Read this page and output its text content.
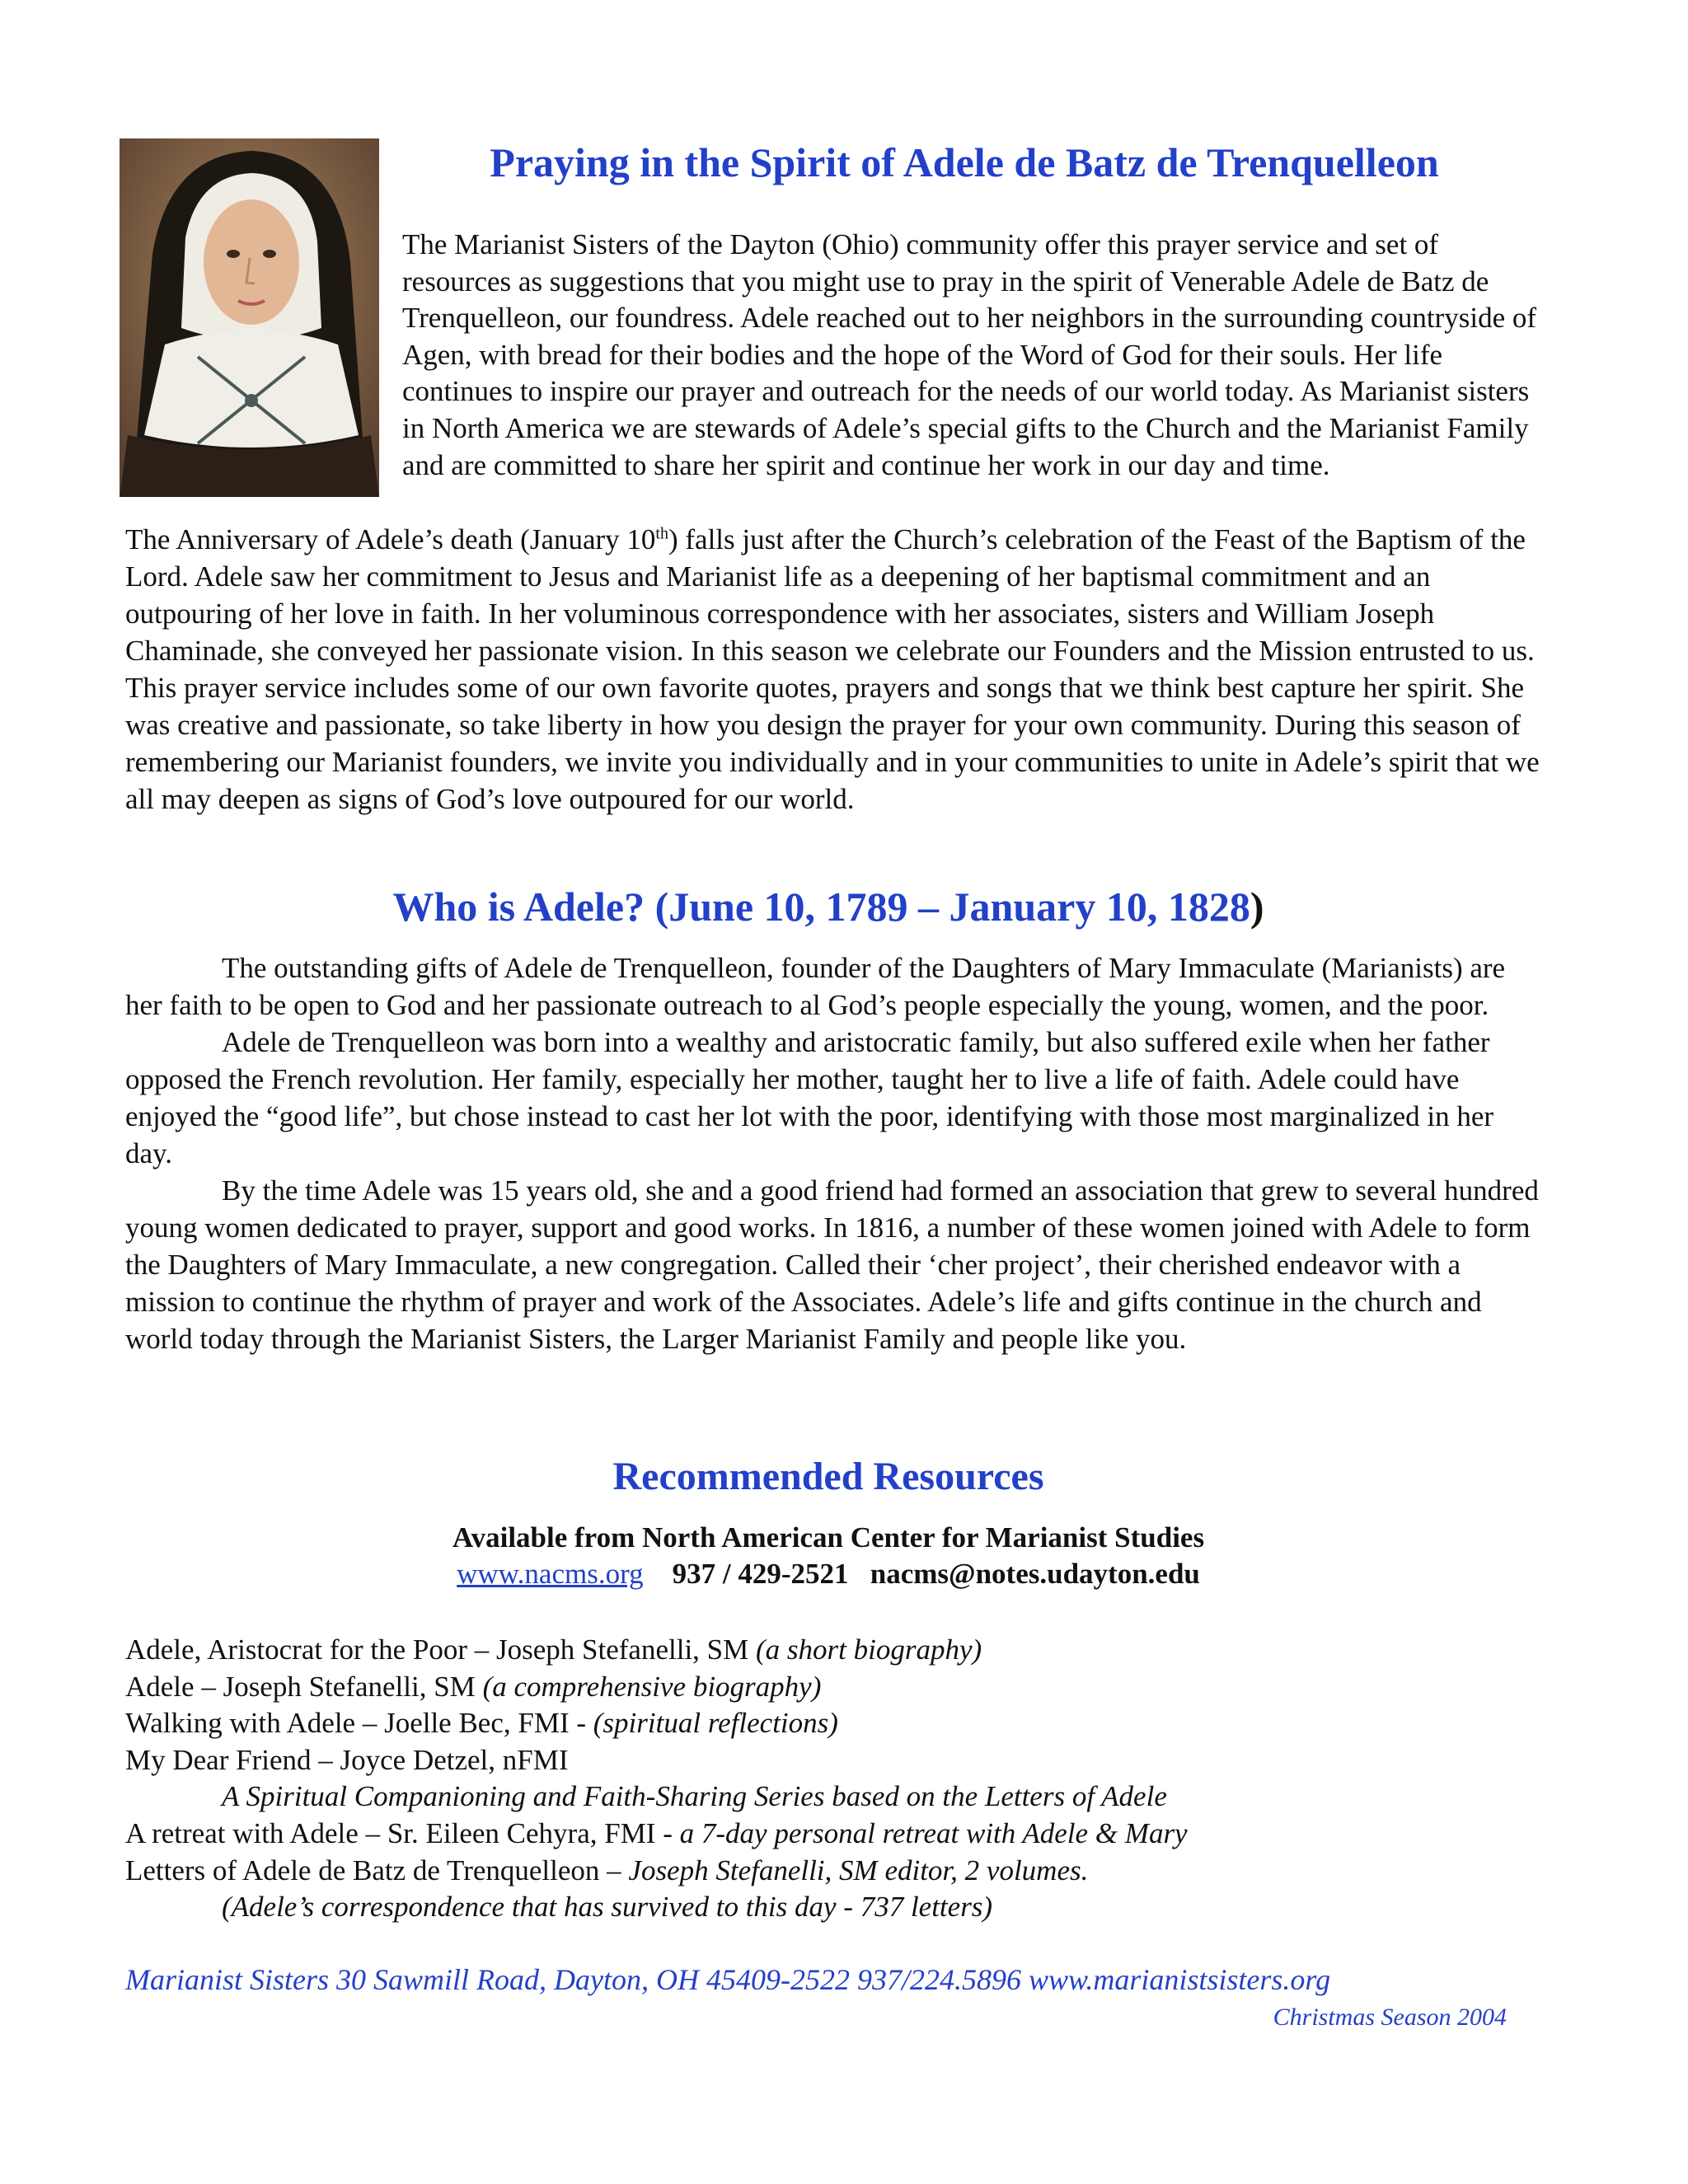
Praying in the Spirit of Adele de Batz de Trenquelleon

The Marianist Sisters of the Dayton (Ohio) community offer this prayer service and set of resources as suggestions that you might use to pray in the spirit of Venerable Adele de Batz de Trenquelleon, our foundress. Adele reached out to her neighbors in the surrounding countryside of Agen, with bread for their bodies and the hope of the Word of God for their souls. Her life continues to inspire our prayer and outreach for the needs of our world today. As Marianist sisters in North America we are stewards of Adele’s special gifts to the Church and the Marianist Family and are committed to share her spirit and continue her work in our day and time.

The Anniversary of Adele’s death (January 10th) falls just after the Church’s celebration of the Feast of the Baptism of the Lord. Adele saw her commitment to Jesus and Marianist life as a deepening of her baptismal commitment and an outpouring of her love in faith. In her voluminous correspondence with her associates, sisters and William Joseph Chaminade, she conveyed her passionate vision. In this season we celebrate our Founders and the Mission entrusted to us. This prayer service includes some of our own favorite quotes, prayers and songs that we think best capture her spirit. She was creative and passionate, so take liberty in how you design the prayer for your own community. During this season of remembering our Marianist founders, we invite you individually and in your communities to unite in Adele’s spirit that we all may deepen as signs of God’s love outpoured for our world.

Who is Adele? (June 10, 1789 – January 10, 1828)

The outstanding gifts of Adele de Trenquelleon, founder of the Daughters of Mary Immaculate (Marianists) are her faith to be open to God and her passionate outreach to al God’s people especially the young, women, and the poor.

Adele de Trenquelleon was born into a wealthy and aristocratic family, but also suffered exile when her father opposed the French revolution. Her family, especially her mother, taught her to live a life of faith. Adele could have enjoyed the “good life”, but chose instead to cast her lot with the poor, identifying with those most marginalized in her day.

By the time Adele was 15 years old, she and a good friend had formed an association that grew to several hundred young women dedicated to prayer, support and good works. In 1816, a number of these women joined with Adele to form the Daughters of Mary Immaculate, a new congregation. Called their ‘cher project’, their cherished endeavor with a mission to continue the rhythm of prayer and work of the Associates. Adele’s life and gifts continue in the church and world today through the Marianist Sisters, the Larger Marianist Family and people like you.

Recommended Resources

Available from North American Center for Marianist Studies

www.nacms.org 937 / 429-2521 nacms@notes.udayton.edu

Adele, Aristocrat for the Poor – Joseph Stefanelli, SM (a short biography)
Adele – Joseph Stefanelli, SM (a comprehensive biography)
Walking with Adele – Joelle Bec, FMI - (spiritual reflections)
My Dear Friend – Joyce Detzel, nFMI
A Spiritual Companioning and Faith-Sharing Series based on the Letters of Adele
A retreat with Adele – Sr. Eileen Cehyra, FMI - a 7-day personal retreat with Adele & Mary
Letters of Adele de Batz de Trenquelleon – Joseph Stefanelli, SM editor, 2 volumes.
(Adele’s correspondence that has survived to this day - 737 letters)

Marianist Sisters 30 Sawmill Road, Dayton, OH 45409-2522 937/224.5896 www.marianistsisters.org

Christmas Season 2004
